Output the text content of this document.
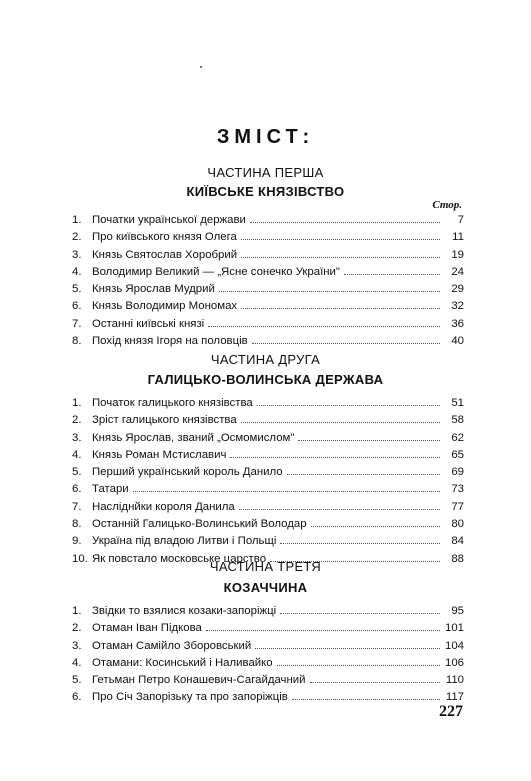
ЗМІСТ:
ЧАСТИНА ПЕРША
КИЇВСЬКЕ КНЯЗІВСТВО
Стор.
1. Початки української держави	7
2. Про київського князя Олега	11
3. Князь Святослав Хоробрий	19
4. Володимир Великий — „Ясне сонечко України"	24
5. Князь Ярослав Мудрий	29
6. Князь Володимир Мономах	32
7. Останні київські князі	36
8. Похід князя Ігоря на половців	40
ЧАСТИНА ДРУГА
ГАЛИЦЬКО-ВОЛИНСЬКА ДЕРЖАВА
1. Початок галицького князівства	51
2. Зріст галицького князівства	58
3. Князь Ярослав, званий „Осмомислом"	62
4. Князь Роман Мстиславич	65
5. Перший український король Данило	69
6. Татари	73
7. Насліднйки короля Данила	77
8. Останній Галицько-Волинський Володар	80
9. Україна під владою Литви і Польщі	84
10. Як повстало московське царство	88
ЧАСТИНА ТРЕТЯ
КОЗАЧЧИНА
1. Звідки то взялися козаки-запоріжці	95
2. Отаман Іван Підкова	101
3. Отаман Самійло Зборовський	104
4. Отамани: Косинський і Наливайко	106
5. Гетьман Петро Конашевич-Сагайдачний	110
6. Про Січ Запорізьку та про запоріжців	117
227
